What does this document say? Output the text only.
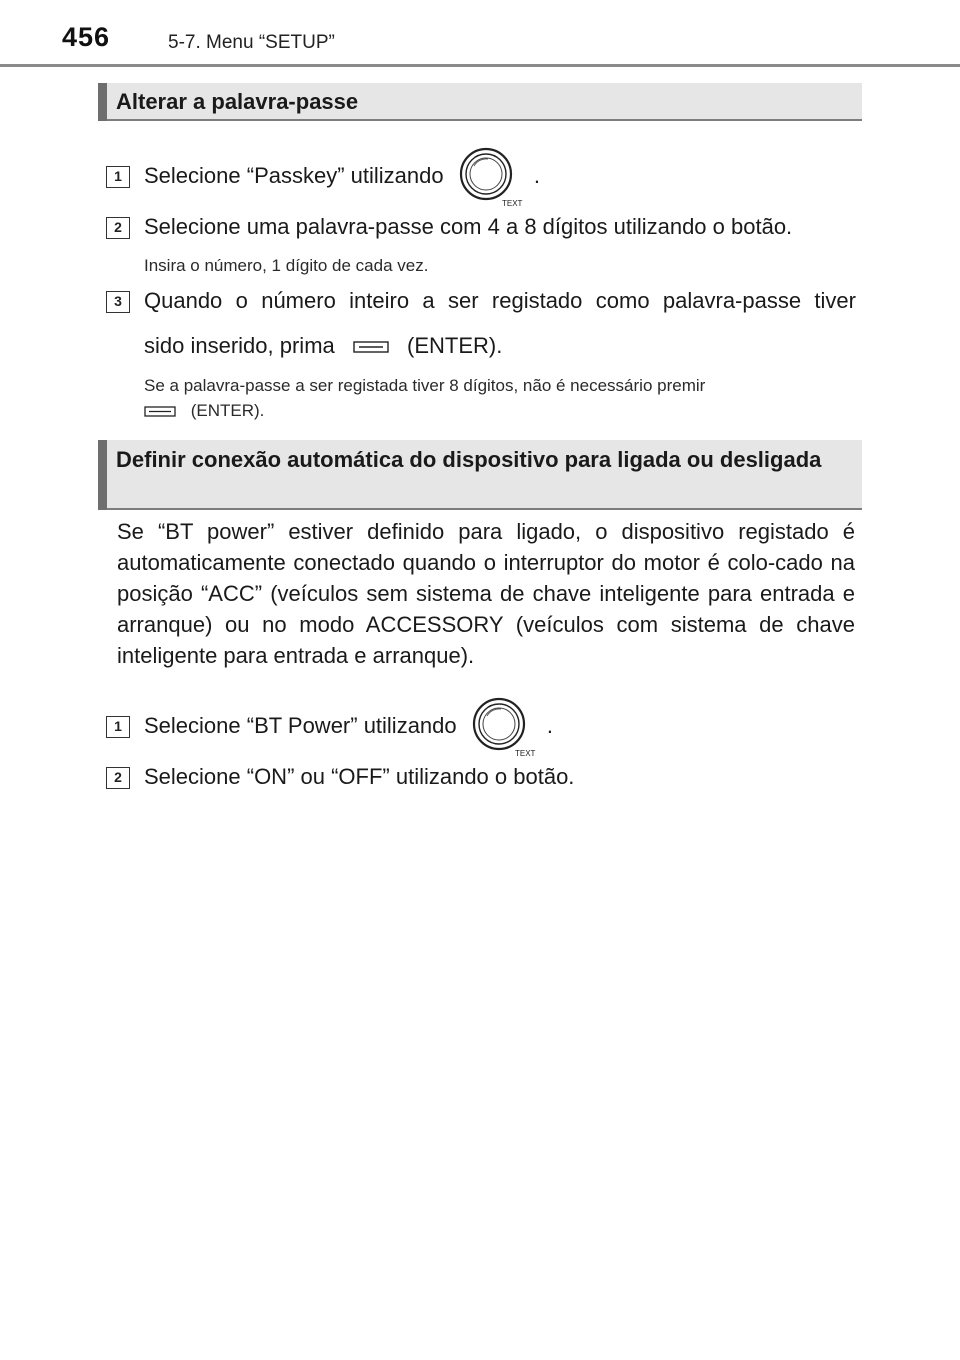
456	5-7. Menu “SETUP”
Alterar a palavra-passe
1	Selecione “Passkey” utilizando
TEXT
.
2	Selecione uma palavra-passe com 4 a 8 dígitos utilizando o botão.
Insira o número, 1 dígito de cada vez.
3	Quando o número inteiro a ser registado como palavra-passe tiver
sido inserido, prima	(ENTER).
Se a palavra-passe a ser registada tiver 8 dígitos, não é necessário premir
(ENTER).
Definir conexão automática do dispositivo para ligada ou desligada
Se “BT power” estiver definido para ligado, o dispositivo registado é automaticamente conectado quando o interruptor do motor é colo-cado na posição “ACC” (veículos sem sistema de chave inteligente para entrada e arranque) ou no modo ACCESSORY (veículos com sistema de chave inteligente para entrada e arranque).
1	Selecione “BT Power” utilizando
TEXT
.
2	Selecione “ON” ou “OFF” utilizando o botão.
